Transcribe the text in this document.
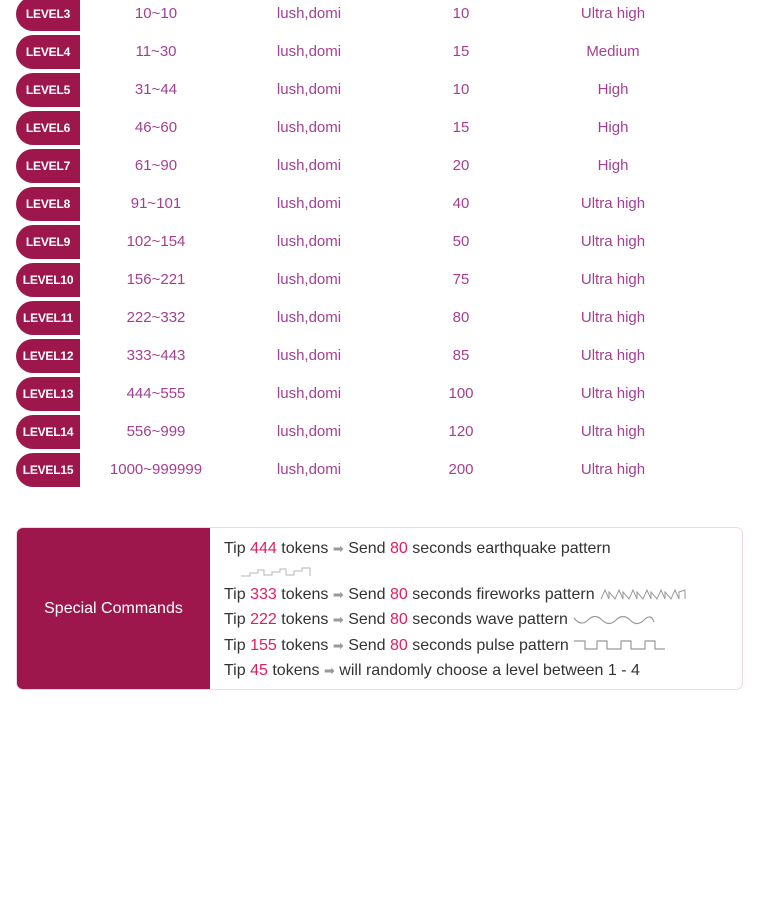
LEVEL3	10~10	lush,domi	10	Ultra high
LEVEL4	11~30	lush,domi	15	Medium
LEVEL5	31~44	lush,domi	10	High
LEVEL6	46~60	lush,domi	15	High
LEVEL7	61~90	lush,domi	20	High
LEVEL8	91~101	lush,domi	40	Ultra high
LEVEL9	102~154	lush,domi	50	Ultra high
LEVEL10	156~221	lush,domi	75	Ultra high
LEVEL11	222~332	lush,domi	80	Ultra high
LEVEL12	333~443	lush,domi	85	Ultra high
LEVEL13	444~555	lush,domi	100	Ultra high
LEVEL14	556~999	lush,domi	120	Ultra high
LEVEL15	1000~999999	lush,domi	200	Ultra high
Special Commands
Tip 444 tokens ➡ Send 80 seconds earthquake pattern
Tip 333 tokens ➡ Send 80 seconds fireworks pattern
Tip 222 tokens ➡ Send 80 seconds wave pattern
Tip 155 tokens ➡ Send 80 seconds pulse pattern
Tip 45 tokens ➡ will randomly choose a level between 1 - 4
